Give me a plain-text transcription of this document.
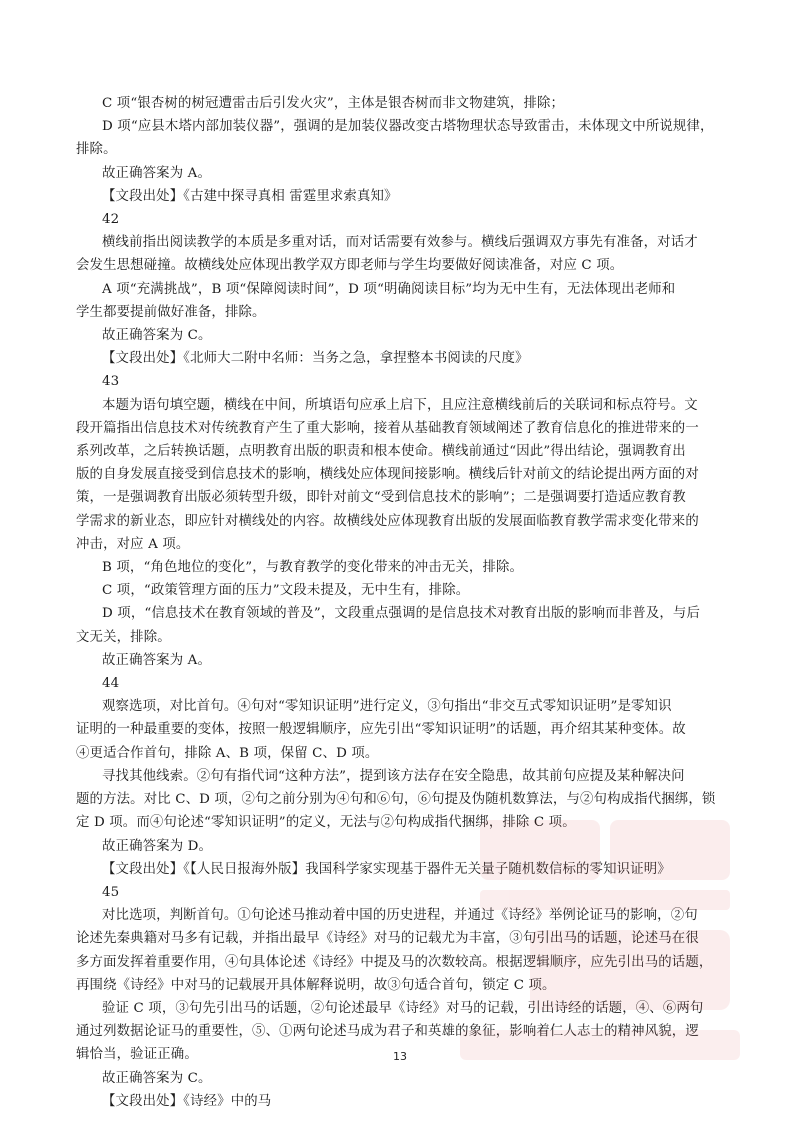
C 项“银杏树的树冠遭雷击后引发火灾”，主体是银杏树而非文物建筑，排除；
D 项“应县木塔内部加装仪器”，强调的是加装仪器改变古塔物理状态导致雷击，未体现文中所说规律，
排除。
故正确答案为 A。
【文段出处】《古建中探寻真相 雷霆里求索真知》
42
横线前指出阅读教学的本质是多重对话，而对话需要有效参与。横线后强调双方事先有准备，对话才
会发生思想碰撞。故横线处应体现出教学双方即老师与学生均要做好阅读准备，对应 C 项。
A 项“充满挑战”，B 项“保障阅读时间”，D 项“明确阅读目标”均为无中生有，无法体现出老师和
学生都要提前做好准备，排除。
故正确答案为 C。
【文段出处】《北师大二附中名师：当务之急，拿捏整本书阅读的尺度》
43
本题为语句填空题，横线在中间，所填语句应承上启下，且应注意横线前后的关联词和标点符号。文
段开篇指出信息技术对传统教育产生了重大影响，接着从基础教育领域阐述了教育信息化的推进带来的一
系列改革，之后转换话题，点明教育出版的职责和根本使命。横线前通过“因此”得出结论，强调教育出
版的自身发展直接受到信息技术的影响，横线处应体现间接影响。横线后针对前文的结论提出两方面的对
策，一是强调教育出版必须转型升级，即针对前文“受到信息技术的影响”；二是强调要打造适应教育教
学需求的新业态，即应针对横线处的内容。故横线处应体现教育出版的发展面临教育教学需求变化带来的
冲击，对应 A 项。
B 项，“角色地位的变化”，与教育教学的变化带来的冲击无关，排除。
C 项，“政策管理方面的压力”文段未提及，无中生有，排除。
D 项，“信息技术在教育领域的普及”，文段重点强调的是信息技术对教育出版的影响而非普及，与后
文无关，排除。
故正确答案为 A。
44
观察选项，对比首句。④句对“零知识证明”进行定义，③句指出“非交互式零知识证明”是零知识
证明的一种最重要的变体，按照一般逻辑顺序，应先引出“零知识证明”的话题，再介绍其某种变体。故
④更适合作首句，排除 A、B 项，保留 C、D 项。
寻找其他线索。②句有指代词“这种方法”，提到该方法存在安全隐患，故其前句应提及某种解决问
题的方法。对比 C、D 项，②句之前分别为④句和⑥句，⑥句提及伪随机数算法，与②句构成指代捆绑，锁
定 D 项。而④句论述“零知识证明”的定义，无法与②句构成指代捆绑，排除 C 项。
故正确答案为 D。
【文段出处】《【人民日报海外版】我国科学家实现基于器件无关量子随机数信标的零知识证明》
45
对比选项，判断首句。①句论述马推动着中国的历史进程，并通过《诗经》举例论证马的影响，②句
论述先秦典籍对马多有记载，并指出最早《诗经》对马的记载尤为丰富，③句引出马的话题，论述马在很
多方面发挥着重要作用，④句具体论述《诗经》中提及马的次数较高。根据逻辑顺序，应先引出马的话题，
再围绕《诗经》中对马的记载展开具体解释说明，故③句适合首句，锁定 C 项。
验证 C 项，③句先引出马的话题，②句论述最早《诗经》对马的记载，引出诗经的话题，④、⑥两句
通过列数据论证马的重要性，⑤、①两句论述马成为君子和英雄的象征，影响着仁人志士的精神风貌，逻
辑恰当，验证正确。
故正确答案为 C。
【文段出处】《诗经》中的马
13
